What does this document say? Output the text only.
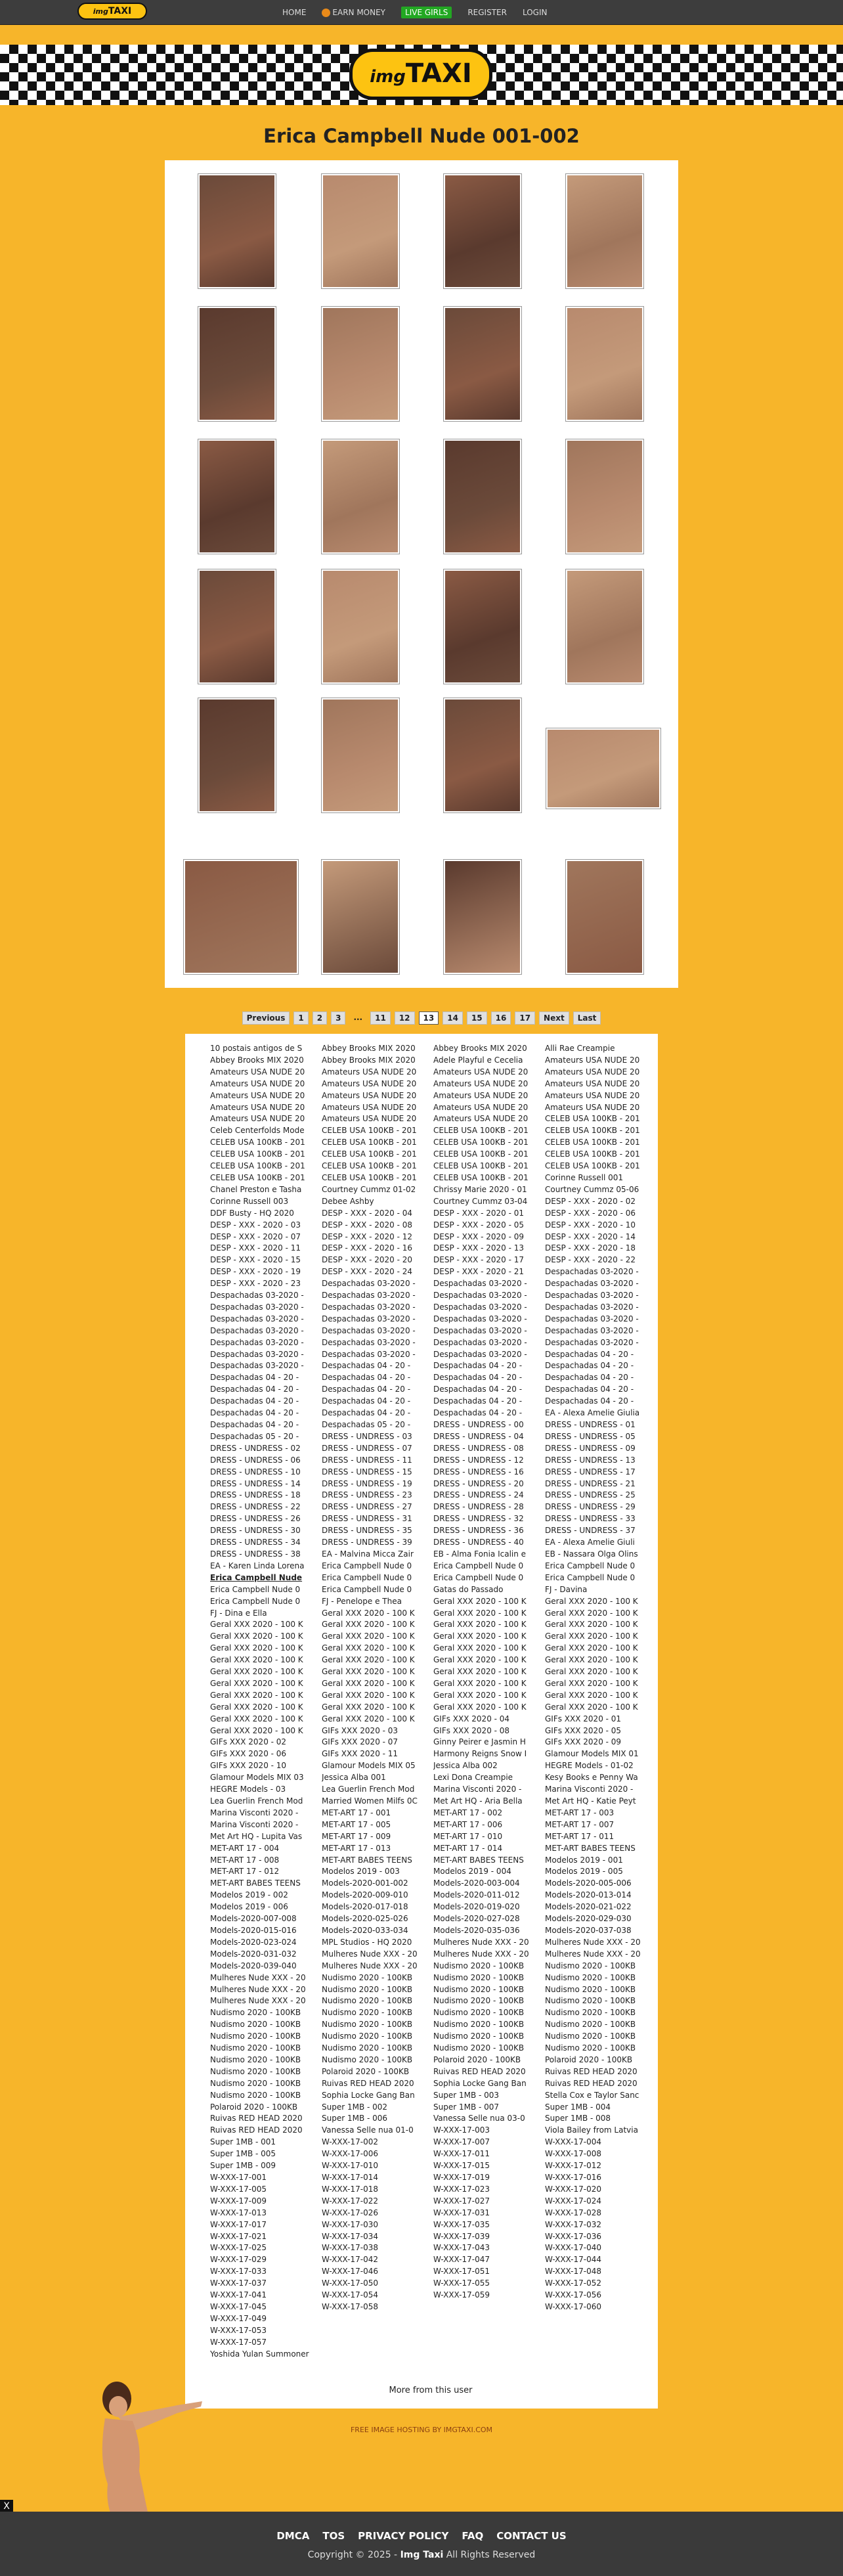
imgTAXI	HOME	EARN MONEY	LIVE GIRLS	REGISTER LOGIN
imgTAXI
Erica Campbell Nude 001-002
Previous	1	2	3	...	11	12	13	14	15	16	17	Next	Last
10 postais antigos de S
Abbey Brooks MIX 2020
Amateurs USA NUDE 20
Amateurs USA NUDE 20
Amateurs USA NUDE 20
Amateurs USA NUDE 20
Amateurs USA NUDE 20
Celeb Centerfolds Mode
CELEB USA 100KB - 201
CELEB USA 100KB - 201
CELEB USA 100KB - 201
CELEB USA 100KB - 201
Chanel Preston e Tasha
Corinne Russell 003
DDF Busty - HQ 2020
DESP - XXX - 2020 - 03
DESP - XXX - 2020 - 07
DESP - XXX - 2020 - 11
DESP - XXX - 2020 - 15
DESP - XXX - 2020 - 19
DESP - XXX - 2020 - 23
Despachadas 03-2020 -
Despachadas 03-2020 -
Despachadas 03-2020 -
Despachadas 03-2020 -
Despachadas 03-2020 -
Despachadas 03-2020 -
Despachadas 03-2020 -
Despachadas 04 - 20 -
Despachadas 04 - 20 -
Despachadas 04 - 20 -
Despachadas 04 - 20 -
Despachadas 04 - 20 -
Despachadas 05 - 20 -
DRESS - UNDRESS - 02
DRESS - UNDRESS - 06
DRESS - UNDRESS - 10
DRESS - UNDRESS - 14
DRESS - UNDRESS - 18
DRESS - UNDRESS - 22
DRESS - UNDRESS - 26
DRESS - UNDRESS - 30
DRESS - UNDRESS - 34
DRESS - UNDRESS - 38
EA - Karen Linda Lorena
Erica Campbell Nude
Erica Campbell Nude 0
Erica Campbell Nude 0
FJ - Dina e Ella
Geral XXX 2020 - 100 K
Geral XXX 2020 - 100 K
Geral XXX 2020 - 100 K
Geral XXX 2020 - 100 K
Geral XXX 2020 - 100 K
Geral XXX 2020 - 100 K
Geral XXX 2020 - 100 K
Geral XXX 2020 - 100 K
Geral XXX 2020 - 100 K
Geral XXX 2020 - 100 K
GIFs XXX 2020 - 02
GIFs XXX 2020 - 06
GIFs XXX 2020 - 10
Glamour Models MIX 03
HEGRE Models - 03
Lea Guerlin French Mod
Marina Visconti 2020 -
Marina Visconti 2020 -
Met Art HQ - Lupita Vas
MET-ART 17 - 004
MET-ART 17 - 008
MET-ART 17 - 012
MET-ART BABES TEENS
Modelos 2019 - 002
Modelos 2019 - 006
Models-2020-007-008
Models-2020-015-016
Models-2020-023-024
Models-2020-031-032
Models-2020-039-040
Mulheres Nude XXX - 20
Mulheres Nude XXX - 20
Mulheres Nude XXX - 20
Nudismo 2020 - 100KB
Nudismo 2020 - 100KB
Nudismo 2020 - 100KB
Nudismo 2020 - 100KB
Nudismo 2020 - 100KB
Nudismo 2020 - 100KB
Nudismo 2020 - 100KB
Nudismo 2020 - 100KB
Polaroid 2020 - 100KB
Ruivas RED HEAD 2020
Ruivas RED HEAD 2020
Super 1MB - 001
Super 1MB - 005
Super 1MB - 009
W-XXX-17-001
W-XXX-17-005
W-XXX-17-009
W-XXX-17-013
W-XXX-17-017
W-XXX-17-021
W-XXX-17-025
W-XXX-17-029
W-XXX-17-033
W-XXX-17-037
W-XXX-17-041
W-XXX-17-045
W-XXX-17-049
W-XXX-17-053
W-XXX-17-057
Yoshida Yulan Summoner
Abbey Brooks MIX 2020
Abbey Brooks MIX 2020
Amateurs USA NUDE 20
Amateurs USA NUDE 20
Amateurs USA NUDE 20
Amateurs USA NUDE 20
Amateurs USA NUDE 20
CELEB USA 100KB - 201
CELEB USA 100KB - 201
CELEB USA 100KB - 201
CELEB USA 100KB - 201
CELEB USA 100KB - 201
Courtney Cummz 01-02
Debee Ashby
DESP - XXX - 2020 - 04
DESP - XXX - 2020 - 08
DESP - XXX - 2020 - 12
DESP - XXX - 2020 - 16
DESP - XXX - 2020 - 20
DESP - XXX - 2020 - 24
Despachadas 03-2020 -
Despachadas 03-2020 -
Despachadas 03-2020 -
Despachadas 03-2020 -
Despachadas 03-2020 -
Despachadas 03-2020 -
Despachadas 03-2020 -
Despachadas 04 - 20 -
Despachadas 04 - 20 -
Despachadas 04 - 20 -
Despachadas 04 - 20 -
Despachadas 04 - 20 -
Despachadas 05 - 20 -
DRESS - UNDRESS - 03
DRESS - UNDRESS - 07
DRESS - UNDRESS - 11
DRESS - UNDRESS - 15
DRESS - UNDRESS - 19
DRESS - UNDRESS - 23
DRESS - UNDRESS - 27
DRESS - UNDRESS - 31
DRESS - UNDRESS - 35
DRESS - UNDRESS - 39
EA - Malvina Micca Zair
Erica Campbell Nude 0
Erica Campbell Nude 0
Erica Campbell Nude 0
FJ - Penelope e Thea
Geral XXX 2020 - 100 K
Geral XXX 2020 - 100 K
Geral XXX 2020 - 100 K
Geral XXX 2020 - 100 K
Geral XXX 2020 - 100 K
Geral XXX 2020 - 100 K
Geral XXX 2020 - 100 K
Geral XXX 2020 - 100 K
Geral XXX 2020 - 100 K
Geral XXX 2020 - 100 K
GIFs XXX 2020 - 03
GIFs XXX 2020 - 07
GIFs XXX 2020 - 11
Glamour Models MIX 05
Jessica Alba 001
Lea Guerlin French Mod
Married Women Milfs 0C
MET-ART 17 - 001
MET-ART 17 - 005
MET-ART 17 - 009
MET-ART 17 - 013
MET-ART BABES TEENS
Modelos 2019 - 003
Models-2020-001-002
Models-2020-009-010
Models-2020-017-018
Models-2020-025-026
Models-2020-033-034
MPL Studios - HQ 2020
Mulheres Nude XXX - 20
Mulheres Nude XXX - 20
Nudismo 2020 - 100KB
Nudismo 2020 - 100KB
Nudismo 2020 - 100KB
Nudismo 2020 - 100KB
Nudismo 2020 - 100KB
Nudismo 2020 - 100KB
Nudismo 2020 - 100KB
Nudismo 2020 - 100KB
Polaroid 2020 - 100KB
Ruivas RED HEAD 2020
Sophia Locke Gang Ban
Super 1MB - 002
Super 1MB - 006
Vanessa Selle nua 01-0
W-XXX-17-002
W-XXX-17-006
W-XXX-17-010
W-XXX-17-014
W-XXX-17-018
W-XXX-17-022
W-XXX-17-026
W-XXX-17-030
W-XXX-17-034
W-XXX-17-038
W-XXX-17-042
W-XXX-17-046
W-XXX-17-050
W-XXX-17-054
W-XXX-17-058
Abbey Brooks MIX 2020
Adele Playful e Cecelia
Amateurs USA NUDE 20
Amateurs USA NUDE 20
Amateurs USA NUDE 20
Amateurs USA NUDE 20
Amateurs USA NUDE 20
CELEB USA 100KB - 201
CELEB USA 100KB - 201
CELEB USA 100KB - 201
CELEB USA 100KB - 201
CELEB USA 100KB - 201
Chrissy Marie 2020 - 01
Courtney Cummz 03-04
DESP - XXX - 2020 - 01
DESP - XXX - 2020 - 05
DESP - XXX - 2020 - 09
DESP - XXX - 2020 - 13
DESP - XXX - 2020 - 17
DESP - XXX - 2020 - 21
Despachadas 03-2020 -
Despachadas 03-2020 -
Despachadas 03-2020 -
Despachadas 03-2020 -
Despachadas 03-2020 -
Despachadas 03-2020 -
Despachadas 03-2020 -
Despachadas 04 - 20 -
Despachadas 04 - 20 -
Despachadas 04 - 20 -
Despachadas 04 - 20 -
Despachadas 04 - 20 -
DRESS - UNDRESS - 00
DRESS - UNDRESS - 04
DRESS - UNDRESS - 08
DRESS - UNDRESS - 12
DRESS - UNDRESS - 16
DRESS - UNDRESS - 20
DRESS - UNDRESS - 24
DRESS - UNDRESS - 28
DRESS - UNDRESS - 32
DRESS - UNDRESS - 36
DRESS - UNDRESS - 40
EB - Alma Fonia Icalin e
Erica Campbell Nude 0
Erica Campbell Nude 0
Gatas do Passado
Geral XXX 2020 - 100 K
Geral XXX 2020 - 100 K
Geral XXX 2020 - 100 K
Geral XXX 2020 - 100 K
Geral XXX 2020 - 100 K
Geral XXX 2020 - 100 K
Geral XXX 2020 - 100 K
Geral XXX 2020 - 100 K
Geral XXX 2020 - 100 K
Geral XXX 2020 - 100 K
GIFs XXX 2020 - 04
GIFs XXX 2020 - 08
Ginny Peirer e Jasmin H
Harmony Reigns Snow I
Jessica Alba 002
Lexi Dona Creampie
Marina Visconti 2020 -
Met Art HQ - Aria Bella
MET-ART 17 - 002
MET-ART 17 - 006
MET-ART 17 - 010
MET-ART 17 - 014
MET-ART BABES TEENS
Modelos 2019 - 004
Models-2020-003-004
Models-2020-011-012
Models-2020-019-020
Models-2020-027-028
Models-2020-035-036
Mulheres Nude XXX - 20
Mulheres Nude XXX - 20
Nudismo 2020 - 100KB
Nudismo 2020 - 100KB
Nudismo 2020 - 100KB
Nudismo 2020 - 100KB
Nudismo 2020 - 100KB
Nudismo 2020 - 100KB
Nudismo 2020 - 100KB
Nudismo 2020 - 100KB
Polaroid 2020 - 100KB
Ruivas RED HEAD 2020
Sophia Locke Gang Ban
Super 1MB - 003
Super 1MB - 007
Vanessa Selle nua 03-0
W-XXX-17-003
W-XXX-17-007
W-XXX-17-011
W-XXX-17-015
W-XXX-17-019
W-XXX-17-023
W-XXX-17-027
W-XXX-17-031
W-XXX-17-035
W-XXX-17-039
W-XXX-17-043
W-XXX-17-047
W-XXX-17-051
W-XXX-17-055
W-XXX-17-059
Alli Rae Creampie
Amateurs USA NUDE 20
Amateurs USA NUDE 20
Amateurs USA NUDE 20
Amateurs USA NUDE 20
Amateurs USA NUDE 20
CELEB USA 100KB - 201
CELEB USA 100KB - 201
CELEB USA 100KB - 201
CELEB USA 100KB - 201
CELEB USA 100KB - 201
Corinne Russell 001
Courtney Cummz 05-06
DESP - XXX - 2020 - 02
DESP - XXX - 2020 - 06
DESP - XXX - 2020 - 10
DESP - XXX - 2020 - 14
DESP - XXX - 2020 - 18
DESP - XXX - 2020 - 22
Despachadas 03-2020 -
Despachadas 03-2020 -
Despachadas 03-2020 -
Despachadas 03-2020 -
Despachadas 03-2020 -
Despachadas 03-2020 -
Despachadas 03-2020 -
Despachadas 04 - 20 -
Despachadas 04 - 20 -
Despachadas 04 - 20 -
Despachadas 04 - 20 -
Despachadas 04 - 20 -
EA - Alexa Amelie Giulia
DRESS - UNDRESS - 01
DRESS - UNDRESS - 05
DRESS - UNDRESS - 09
DRESS - UNDRESS - 13
DRESS - UNDRESS - 17
DRESS - UNDRESS - 21
DRESS - UNDRESS - 25
DRESS - UNDRESS - 29
DRESS - UNDRESS - 33
DRESS - UNDRESS - 37
EA - Alexa Amelie Giuli
EB - Nassara Olga Olins
Erica Campbell Nude 0
Erica Campbell Nude 0
FJ - Davina
Geral XXX 2020 - 100 K
Geral XXX 2020 - 100 K
Geral XXX 2020 - 100 K
Geral XXX 2020 - 100 K
Geral XXX 2020 - 100 K
Geral XXX 2020 - 100 K
Geral XXX 2020 - 100 K
Geral XXX 2020 - 100 K
Geral XXX 2020 - 100 K
Geral XXX 2020 - 100 K
GIFs XXX 2020 - 01
GIFs XXX 2020 - 05
GIFs XXX 2020 - 09
Glamour Models MIX 01
HEGRE Models - 01-02
Kesy Books e Penny Wa
Marina Visconti 2020 -
Met Art HQ - Katie Peyt
MET-ART 17 - 003
MET-ART 17 - 007
MET-ART 17 - 011
MET-ART BABES TEENS
Modelos 2019 - 001
Modelos 2019 - 005
Models-2020-005-006
Models-2020-013-014
Models-2020-021-022
Models-2020-029-030
Models-2020-037-038
Mulheres Nude XXX - 20
Mulheres Nude XXX - 20
Nudismo 2020 - 100KB
Nudismo 2020 - 100KB
Nudismo 2020 - 100KB
Nudismo 2020 - 100KB
Nudismo 2020 - 100KB
Nudismo 2020 - 100KB
Nudismo 2020 - 100KB
Nudismo 2020 - 100KB
Polaroid 2020 - 100KB
Ruivas RED HEAD 2020
Ruivas RED HEAD 2020
Stella Cox e Taylor Sanc
Super 1MB - 004
Super 1MB - 008
Viola Bailey from Latvia
W-XXX-17-004
W-XXX-17-008
W-XXX-17-012
W-XXX-17-016
W-XXX-17-020
W-XXX-17-024
W-XXX-17-028
W-XXX-17-032
W-XXX-17-036
W-XXX-17-040
W-XXX-17-044
W-XXX-17-048
W-XXX-17-052
W-XXX-17-056
W-XXX-17-060
More from this user
FREE IMAGE HOSTING BY IMGTAXI.COM
X
DMCA TOS PRIVACY POLICY FAQ CONTACT US
Copyright © 2025 - Img Taxi All Rights Reserved
